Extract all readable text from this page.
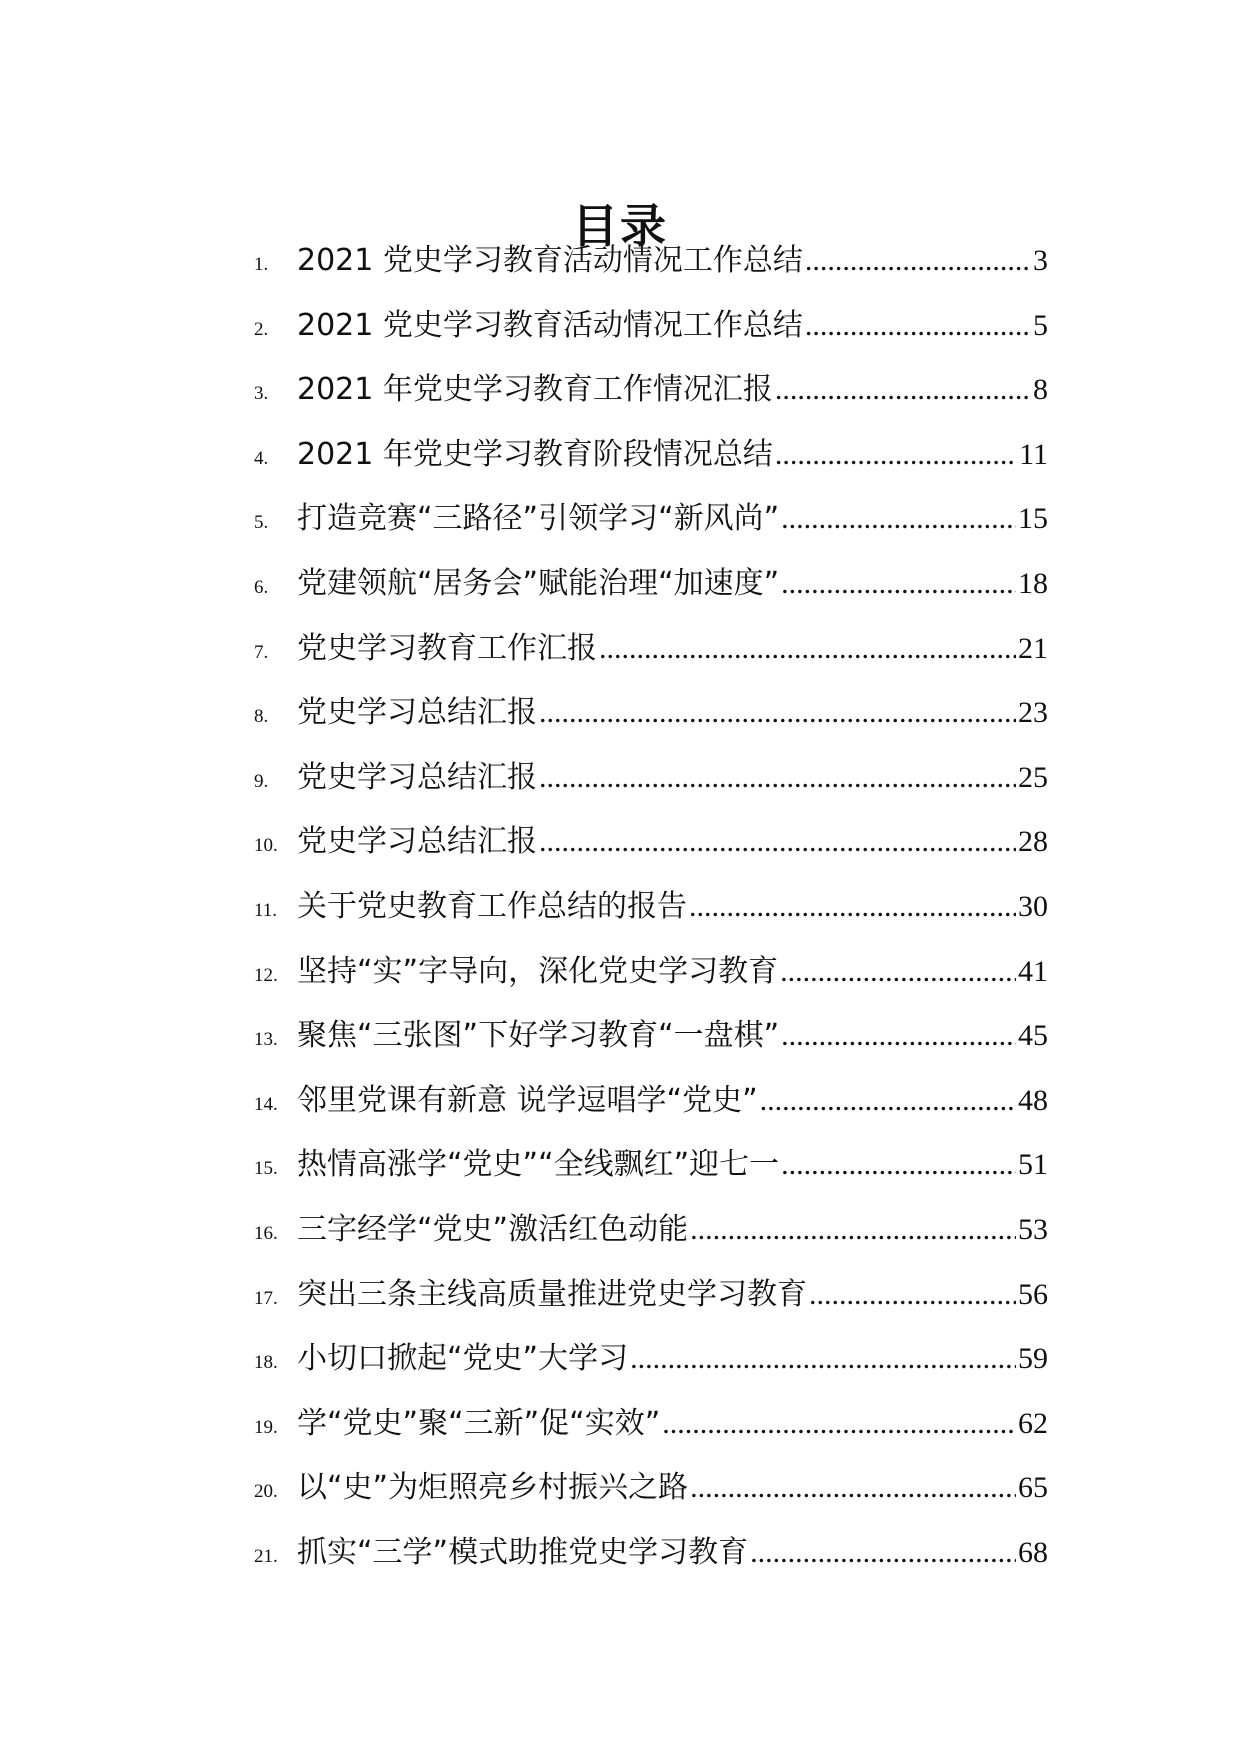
目录
1. 2021 党史学习教育活动情况工作总结 .....	3
2. 2021 党史学习教育活动情况工作总结 .....	5
3. 2021 年党史学习教育工作情况汇报 .....	8
4. 2021 年党史学习教育阶段情况总结 .....	11
5. 打造竞赛“三路径”引领学习“新风尚” .....	15
6. 党建领航“居务会”赋能治理“加速度” .....	18
7. 党史学习教育工作汇报 .....	21
8. 党史学习总结汇报 .....	23
9. 党史学习总结汇报 .....	25
10. 党史学习总结汇报 .....	28
11. 关于党史教育工作总结的报告 .....	30
12. 坚持“实”字导向，深化党史学习教育 .....	41
13. 聚焦“三张图”下好学习教育“一盘棋” .....	45
14. 邻里党课有新意 说学逗唱学“党史” .....	48
15. 热情高涨学“党史”“全线飘红”迎七一 .....	51
16. 三字经学“党史”激活红色动能 .....	53
17. 突出三条主线高质量推进党史学习教育 .....	56
18. 小切口掀起“党史”大学习 .....	59
19. 学“党史”聚“三新”促“实效” .....	62
20. 以“史”为炬照亮乡村振兴之路 .....	65
21. 抓实“三学”模式助推党史学习教育 .....	68
